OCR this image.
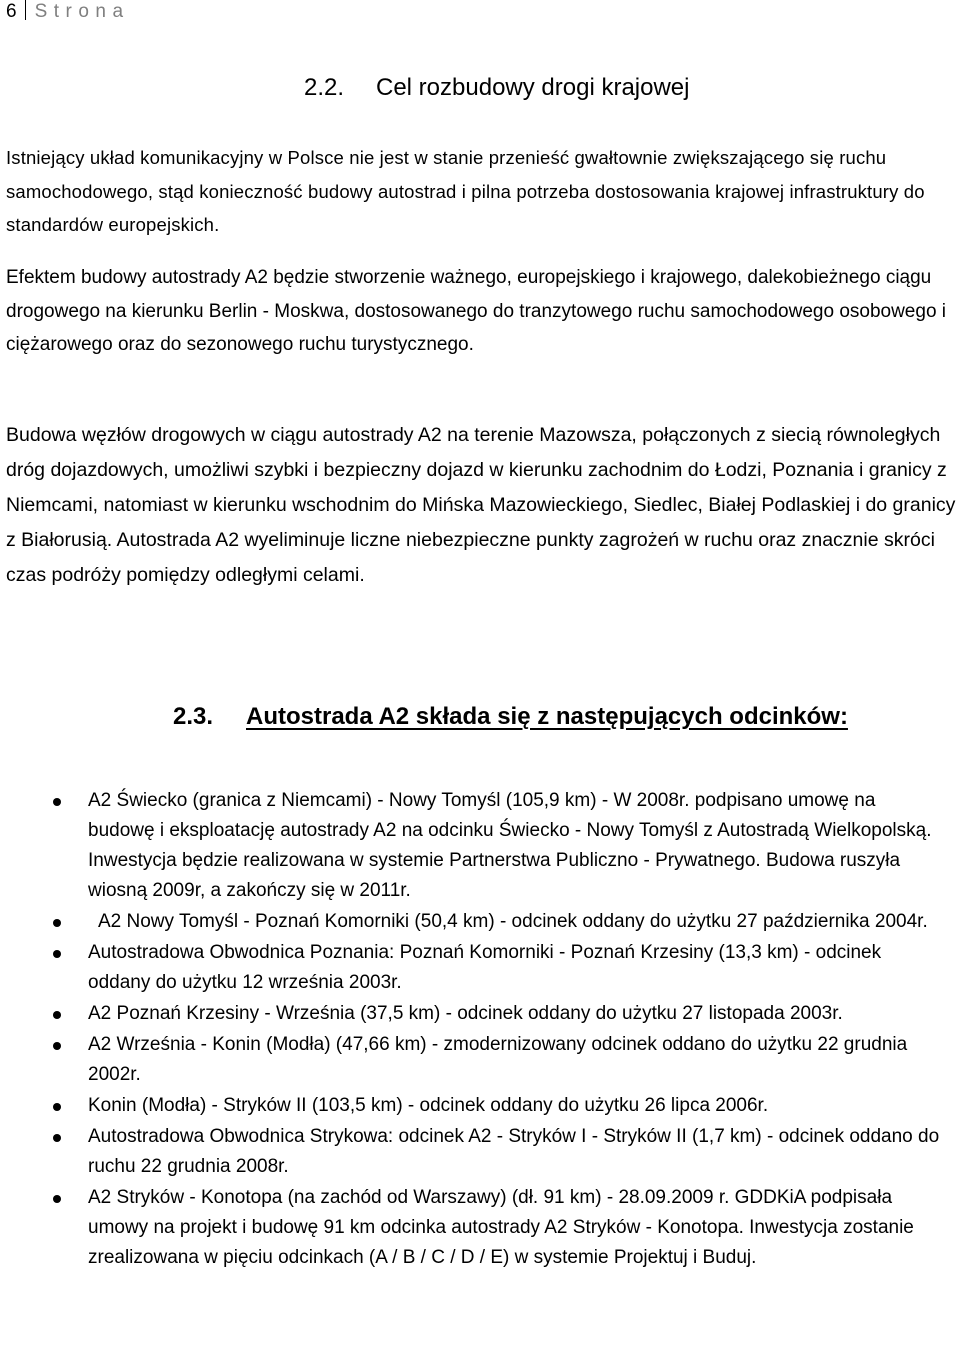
6 Strona
2.2. Cel rozbudowy drogi krajowej

Istniejący układ komunikacyjny w Polsce nie jest w stanie przenieść gwałtownie zwiększającego się ruchu samochodowego, stąd konieczność budowy autostrad i pilna potrzeba dostosowania krajowej infrastruktury do standardów europejskich.

Efektem budowy autostrady A2 będzie stworzenie ważnego, europejskiego i krajowego, dalekobieżnego ciągu drogowego na kierunku Berlin - Moskwa, dostosowanego do tranzytowego ruchu samochodowego osobowego i ciężarowego oraz do sezonowego ruchu turystycznego.

Budowa węzłów drogowych w ciągu autostrady A2 na terenie Mazowsza, połączonych z siecią równoległych dróg dojazdowych, umożliwi szybki i bezpieczny dojazd w kierunku zachodnim do Łodzi, Poznania i granicy z Niemcami, natomiast w kierunku wschodnim do Mińska Mazowieckiego, Siedlec, Białej Podlaskiej i do granicy z Białorusią. Autostrada A2 wyeliminuje liczne niebezpieczne punkty zagrożeń w ruchu oraz znacznie skróci czas podróży pomiędzy odległymi celami.

2.3. Autostrada A2 składa się z następujących odcinków:
A2 Świecko (granica z Niemcami) - Nowy Tomyśl (105,9 km) - W 2008r. podpisano umowę na budowę i eksploatację autostrady A2 na odcinku Świecko - Nowy Tomyśl z Autostradą Wielkopolską. Inwestycja będzie realizowana w systemie Partnerstwa Publiczno - Prywatnego. Budowa ruszyła wiosną 2009r, a zakończy się w 2011r.
A2 Nowy Tomyśl - Poznań Komorniki (50,4 km) - odcinek oddany do użytku 27 października 2004r.
Autostradowa Obwodnica Poznania: Poznań Komorniki - Poznań Krzesiny (13,3 km) - odcinek oddany do użytku 12 września 2003r.
A2 Poznań Krzesiny - Września (37,5 km) - odcinek oddany do użytku 27 listopada 2003r.
A2 Września - Konin (Modła) (47,66 km) - zmodernizowany odcinek oddano do użytku 22 grudnia 2002r.
Konin (Modła) - Stryków II (103,5 km) - odcinek oddany do użytku 26 lipca 2006r.
Autostradowa Obwodnica Strykowa: odcinek A2 - Stryków I - Stryków II (1,7 km) - odcinek oddano do ruchu 22 grudnia 2008r.
A2 Stryków - Konotopa (na zachód od Warszawy) (dł. 91 km) - 28.09.2009 r. GDDKiA podpisała umowy na projekt i budowę 91 km odcinka autostrady A2 Stryków - Konotopa. Inwestycja zostanie zrealizowana w pięciu odcinkach (A / B / C / D / E) w systemie Projektuj i Buduj.
